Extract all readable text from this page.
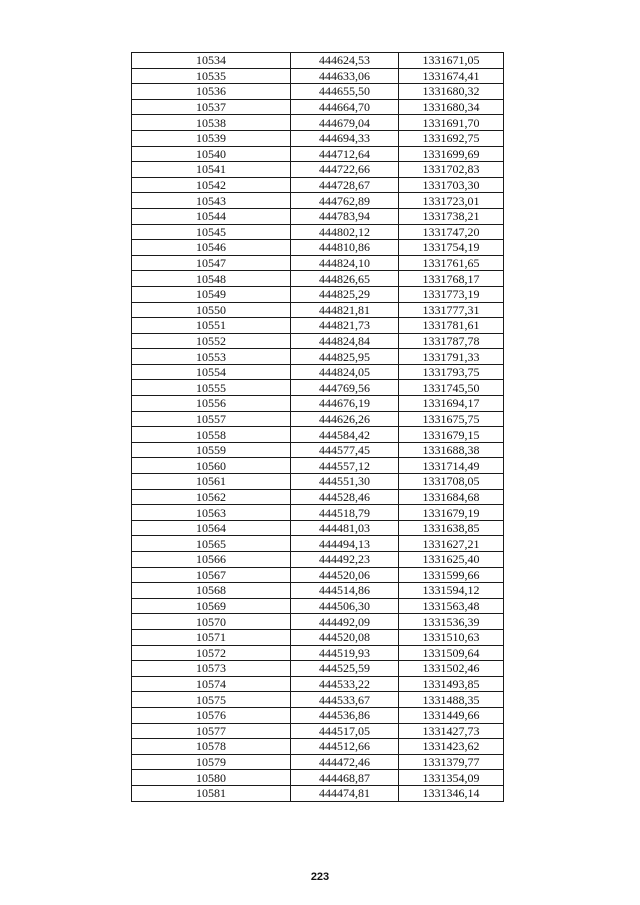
10534	444624,53	1331671,05
10535	444633,06	1331674,41
10536	444655,50	1331680,32
10537	444664,70	1331680,34
10538	444679,04	1331691,70
10539	444694,33	1331692,75
10540	444712,64	1331699,69
10541	444722,66	1331702,83
10542	444728,67	1331703,30
10543	444762,89	1331723,01
10544	444783,94	1331738,21
10545	444802,12	1331747,20
10546	444810,86	1331754,19
10547	444824,10	1331761,65
10548	444826,65	1331768,17
10549	444825,29	1331773,19
10550	444821,81	1331777,31
10551	444821,73	1331781,61
10552	444824,84	1331787,78
10553	444825,95	1331791,33
10554	444824,05	1331793,75
10555	444769,56	1331745,50
10556	444676,19	1331694,17
10557	444626,26	1331675,75
10558	444584,42	1331679,15
10559	444577,45	1331688,38
10560	444557,12	1331714,49
10561	444551,30	1331708,05
10562	444528,46	1331684,68
10563	444518,79	1331679,19
10564	444481,03	1331638,85
10565	444494,13	1331627,21
10566	444492,23	1331625,40
10567	444520,06	1331599,66
10568	444514,86	1331594,12
10569	444506,30	1331563,48
10570	444492,09	1331536,39
10571	444520,08	1331510,63
10572	444519,93	1331509,64
10573	444525,59	1331502,46
10574	444533,22	1331493,85
10575	444533,67	1331488,35
10576	444536,86	1331449,66
10577	444517,05	1331427,73
10578	444512,66	1331423,62
10579	444472,46	1331379,77
10580	444468,87	1331354,09
10581	444474,81	1331346,14
223
